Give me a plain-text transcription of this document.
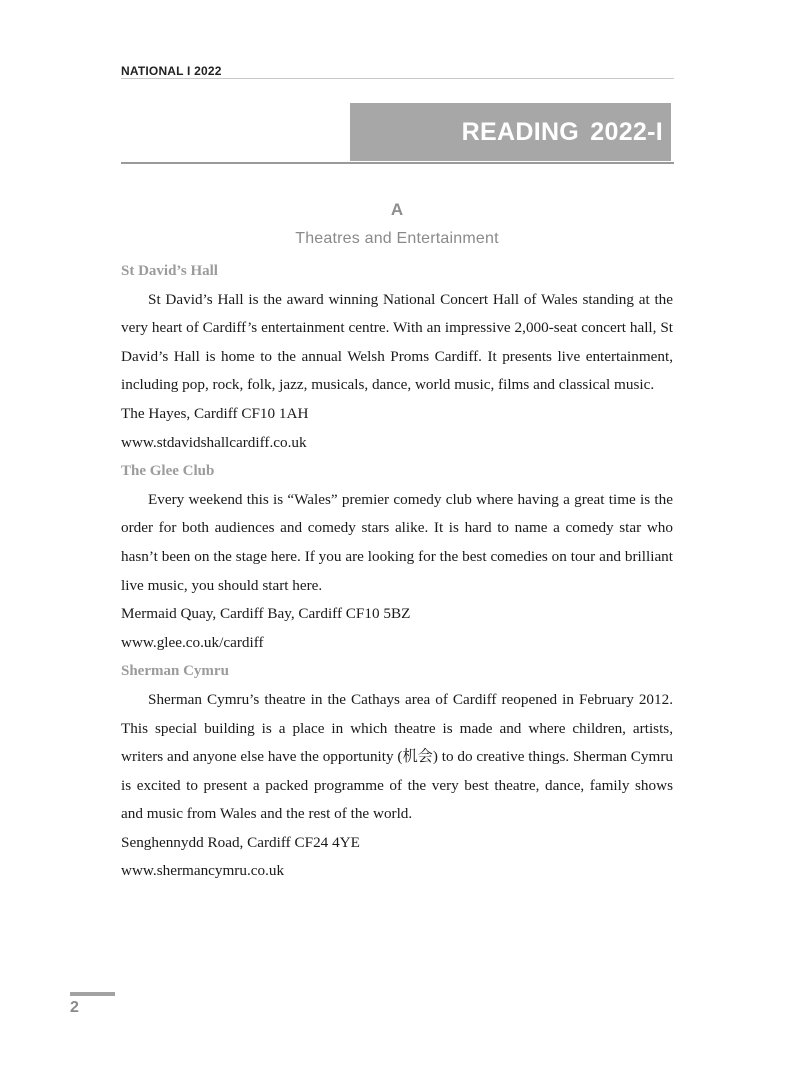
NATIONAL I 2022
READING 2022-I
A
Theatres and Entertainment
St David’s Hall

St David’s Hall is the award winning National Concert Hall of Wales standing at the very heart of Cardiff’s entertainment centre. With an impressive 2,000-seat concert hall, St David’s Hall is home to the annual Welsh Proms Cardiff. It presents live entertainment, including pop, rock, folk, jazz, musicals, dance, world music, films and classical music.

The Hayes, Cardiff CF10 1AH

www.stdavidshallcardiff.co.uk

The Glee Club

Every weekend this is “Wales” premier comedy club where having a great time is the order for both audiences and comedy stars alike. It is hard to name a comedy star who hasn’t been on the stage here. If you are looking for the best comedies on tour and brilliant live music, you should start here.

Mermaid Quay, Cardiff Bay, Cardiff CF10 5BZ

www.glee.co.uk/cardiff

Sherman Cymru

Sherman Cymru’s theatre in the Cathays area of Cardiff reopened in February 2012. This special building is a place in which theatre is made and where children, artists, writers and anyone else have the opportunity (机会) to do creative things. Sherman Cymru is excited to present a packed programme of the very best theatre, dance, family shows and music from Wales and the rest of the world.

Senghennydd Road, Cardiff CF24 4YE

www.shermancymru.co.uk

2
